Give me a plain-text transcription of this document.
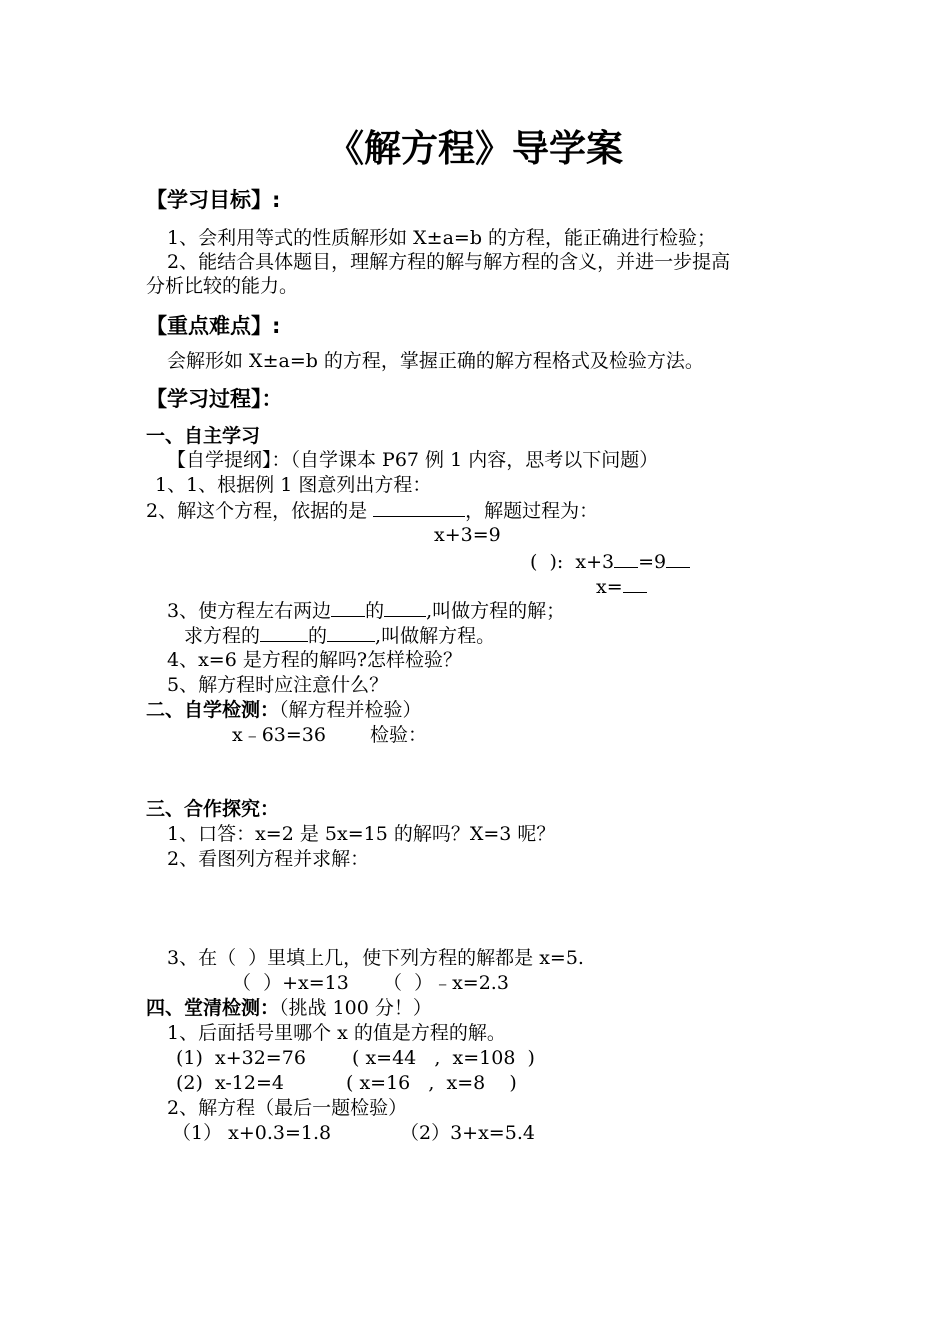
《解方程》导学案
【学习目标】:
1、会利用等式的性质解形如 X±a=b 的方程，能正确进行检验；
2、能结合具体题目，理解方程的解与解方程的含义，并进一步提高
分析比较的能力。
【重点难点】:
会解形如 X±a=b 的方程，掌握正确的解方程格式及检验方法。
【学习过程】：
一、自主学习
【自学提纲】：（自学课本 P67 例 1 内容，思考以下问题）
1、1、根据例 1 图意列出方程：
2、解这个方程，依据的是	，解题过程为：
x+3=9
(  ):  x+3 =9
x=
3、使方程左右两边 的 ,叫做方程的解；
求方程的	的	,叫做解方程。
4、x=6 是方程的解吗?怎样检验？
5、解方程时应注意什么？
二、自学检测：（解方程并检验）
x﹣63=36 检验：
三、合作探究：
1、口答：x=2 是 5x=15 的解吗？X=3 呢？
2、看图列方程并求解：
3、在（  ）里填上几，使下列方程的解都是 x=5.
（  ）+x=13 （  ）﹣x=2.3
四、堂清检测：（挑战 100 分！）
1、后面括号里哪个 x 的值是方程的解。
(1)  x+32=76 ( x=44   ,  x=108  )
(2)  x-12=4	( x=16   ,  x=8    )
2、解方程（最后一题检验）
（1） x+0.3=1.8	（2）3+x=5.4
